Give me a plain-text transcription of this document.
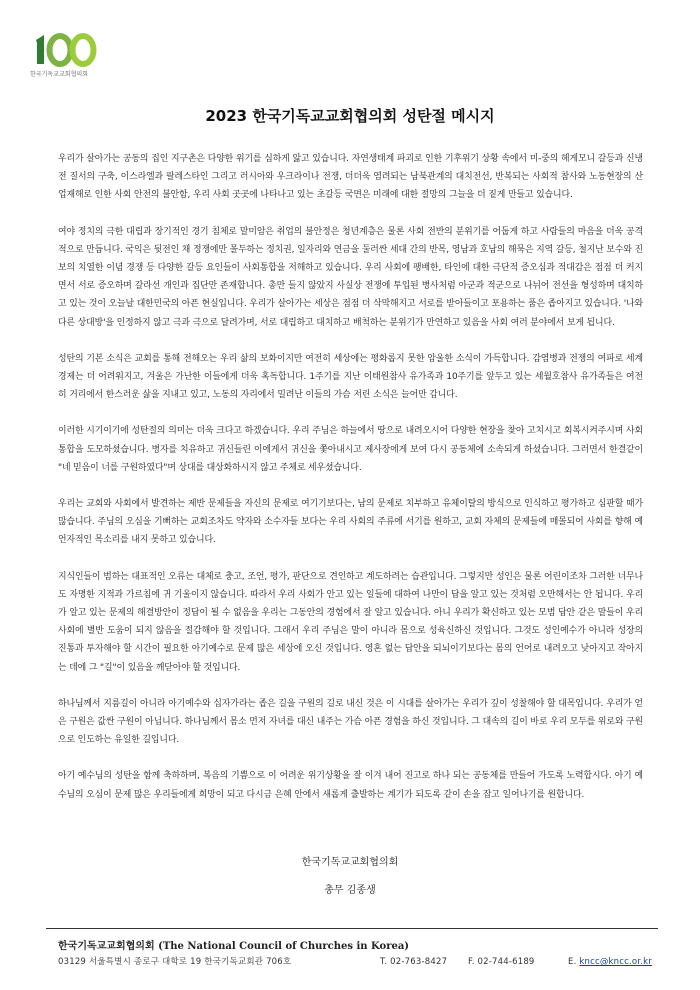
한국기독교교회협의회
2023 한국기독교교회협의회 성탄절 메시지

우리가 살아가는 공동의 집인 지구촌은 다양한 위기를 심하게 앓고 있습니다. 자연생태계 파괴로 인한 기후위기 상황 속에서 미-중의 헤게모니 갈등과 신냉전 질서의 구축, 이스라엘과 팔레스타인 그리고 러시아와 우크라이나 전쟁, 더더욱 염려되는 남북관계의 대치전선, 반복되는 사회적 참사와 노동현장의 산업재해로 인한 사회 안전의 불안함, 우리 사회 곳곳에 나타나고 있는 초갈등 국면은 미래에 대한 절망의 그늘을 더 짙게 만들고 있습니다.

여야 정치의 극한 대립과 장기적인 경기 침체로 말미암은 취업의 불안정은 청년계층은 물론 사회 전반의 분위기를 어둡게 하고 사람들의 마음을 더욱 공격적으로 만듭니다. 국익은 뒷전인 채 정쟁에만 몰두하는 정치권, 일자리와 연금을 둘러싼 세대 간의 반목, 영남과 호남의 해묵은 지역 갈등, 철지난 보수와 진보의 치열한 이념 경쟁 등 다양한 갈등 요인들이 사회통합을 저해하고 있습니다. 우리 사회에 팽배한, 타인에 대한 극단적 증오심과 적대감은 점점 더 커지면서 서로 증오하며 갈라선 개인과 집단만 존재합니다. 총만 들지 않았지 사실상 전쟁에 투입된 병사처럼 아군과 적군으로 나뉘어 전선을 형성하며 대치하고 있는 것이 오늘날 대한민국의 아픈 현실입니다. 우리가 살아가는 세상은 점점 더 삭막해지고 서로를 받아들이고 포용하는 품은 좁아지고 있습니다. '나와 다른 상대방'을 인정하지 않고 극과 극으로 달려가며, 서로 대립하고 대치하고 배척하는 분위기가 만연하고 있음을 사회 여러 분야에서 보게 됩니다.

성탄의 기본 소식은 교회를 통해 전해오는 우리 삶의 보화이지만 여전히 세상에는 평화롭지 못한 암울한 소식이 가득합니다. 감염병과 전쟁의 여파로 세계 경제는 더 어려워지고, 겨울은 가난한 이들에게 더욱 혹독합니다. 1주기를 지난 이태원참사 유가족과 10주기를 앞두고 있는 세월호참사 유가족들은 여전히 거리에서 한스러운 삶을 지내고 있고, 노동의 자리에서 밀려난 이들의 가슴 저린 소식은 늘어만 갑니다.

이러한 시기이기에 성탄절의 의미는 더욱 크다고 하겠습니다. 우리 주님은 하늘에서 땅으로 내려오시어 다양한 현장을 찾아 고치시고 회복시켜주시며 사회통합을 도모하셨습니다. 병자를 치유하고 귀신들린 이에게서 귀신을 쫓아내시고 제사장에게 보여 다시 공동체에 소속되게 하셨습니다. 그러면서 한결같이 "네 믿음이 너를 구원하였다"며 상대를 대상화하시지 않고 주체로 세우셨습니다.

우리는 교회와 사회에서 발견하는 제반 문제들을 자신의 문제로 여기기보다는, 남의 문제로 치부하고 유체이탈의 방식으로 인식하고 평가하고 심판할 때가 많습니다. 주님의 오심을 기뻐하는 교회조차도 약자와 소수자들 보다는 우리 사회의 주류에 서기를 원하고, 교회 자체의 문제들에 매몰되어 사회를 향해 예언자적인 목소리를 내지 못하고 있습니다.

지식인들이 범하는 대표적인 오류는 대체로 충고, 조언, 평가, 판단으로 견인하고 계도하려는 습관입니다. 그렇지만 성인은 물론 어린이조차 그러한 너무나도 자명한 지적과 가르침에 귀 기울이지 않습니다. 따라서 우리 사회가 안고 있는 일들에 대하여 나만이 답을 알고 있는 것처럼 오만해서는 안 됩니다. 우리가 알고 있는 문제의 해결방안이 정답이 될 수 없음을 우리는 그동안의 경험에서 잘 알고 있습니다. 아니 우리가 확신하고 있는 모범 답안 같은 말들이 우리 사회에 별반 도움이 되지 않음을 절감해야 할 것입니다. 그래서 우리 주님은 말이 아니라 몸으로 성육신하신 것입니다. 그것도 성인예수가 아니라 성장의 진통과 투자해야 할 시간이 필요한 아기예수로 문제 많은 세상에 오신 것입니다. 영혼 없는 답안을 되뇌이기보다는 몸의 언어로 내려오고 낮아지고 작아지는 데에 그 "길"이 있음을 깨닫아야 할 것입니다.

하나님께서 지름길이 아니라 아기예수와 십자가라는 좁은 길을 구원의 길로 내신 것은 이 시대를 살아가는 우리가 깊이 성찰해야 할 대목입니다. 우리가 얻은 구원은 값싼 구원이 아닙니다. 하나님께서 몸소 먼저 자녀를 대신 내주는 가슴 아픈 경험을 하신 것입니다. 그 대속의 길이 바로 우리 모두를 위로와 구원으로 인도하는 유일한 길입니다.

아기 예수님의 성탄을 함께 축하하며, 복음의 기쁨으로 이 어려운 위기상황을 잘 이겨 내어 진고로 하나 되는 공동체를 만들어 가도록 노력합시다. 아기 예수님의 오심이 문제 많은 우리들에게 희망이 되고 다시금 은혜 안에서 새롭게 출발하는 계기가 되도록 같이 손을 잡고 일어나기를 원합니다.

한국기독교교회협의회
총무 김종생
한국기독교교회협의회 (The National Council of Churches in Korea)
03129 서울특별시 종로구 대학로 19 한국기독교회관 706호	T. 02-763-8427 F. 02-744-6189	E. kncc@kncc.or.kr
